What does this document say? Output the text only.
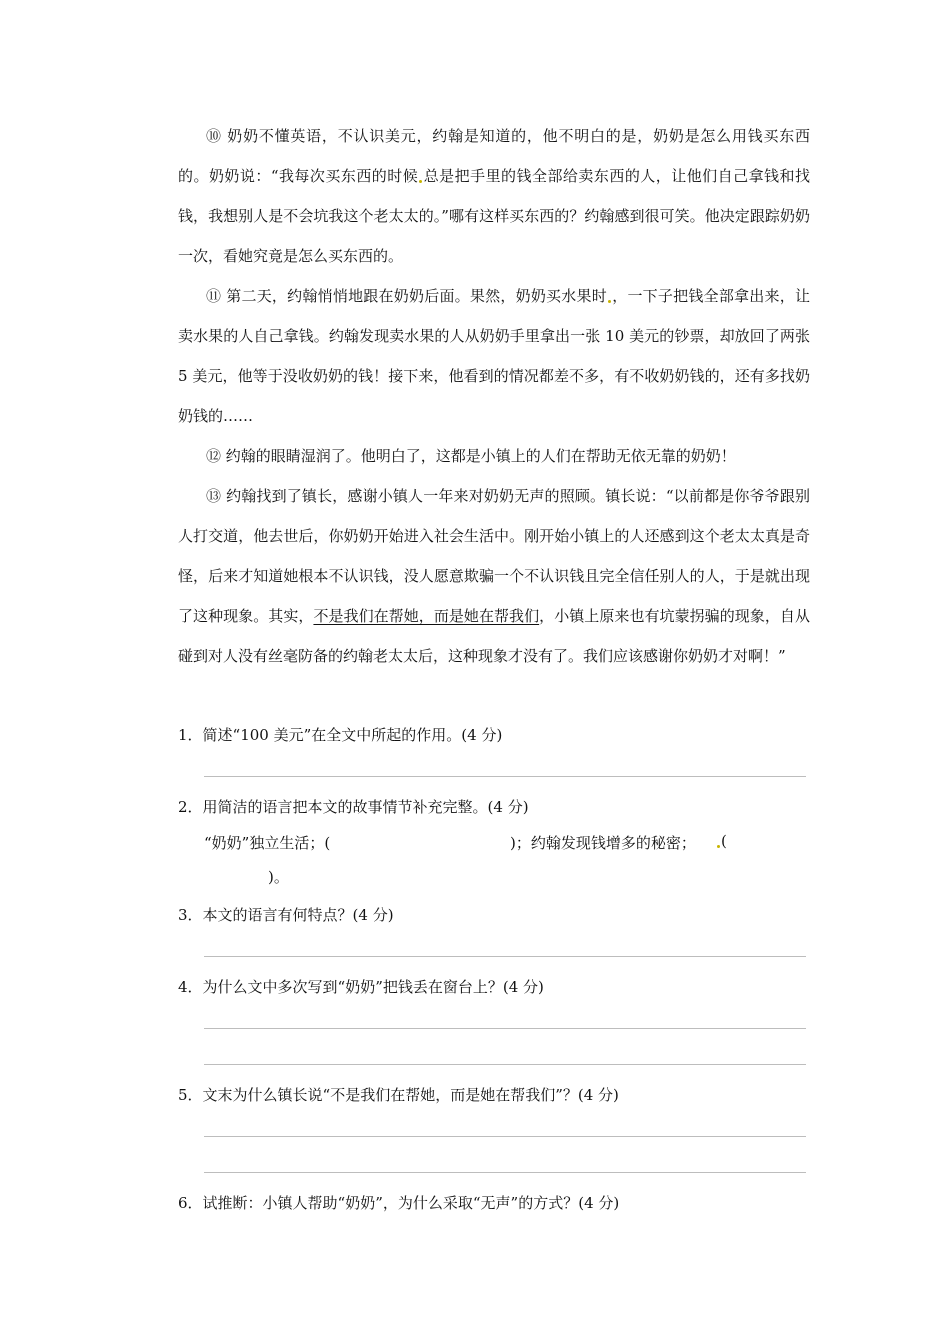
⑩ 奶奶不懂英语，不认识美元，约翰是知道的，他不明白的是，奶奶是怎么用钱买东西的。奶奶说：“我每次买东西的时候 总是把手里的钱全部给卖东西的人，让他们自己拿钱和找钱，我想别人是不会坑我这个老太太的。”哪有这样买东西的？约翰感到很可笑。他决定跟踪奶奶一次，看她究竟是怎么买东西的。

⑪ 第二天，约翰悄悄地跟在奶奶后面。果然，奶奶买水果时 ，一下子把钱全部拿出来，让卖水果的人自己拿钱。约翰发现卖水果的人从奶奶手里拿出一张 10 美元的钞票，却放回了两张 5 美元，他等于没收奶奶的钱！接下来，他看到的情况都差不多，有不收奶奶钱的，还有多找奶奶钱的……

⑫ 约翰的眼睛湿润了。他明白了，这都是小镇上的人们在帮助无依无靠的奶奶！

⑬ 约翰找到了镇长，感谢小镇人一年来对奶奶无声的照顾。镇长说：“以前都是你爷爷跟别人打交道，他去世后，你奶奶开始进入社会生活中。刚开始小镇上的人还感到这个老太太真是奇怪，后来才知道她根本不认识钱，没人愿意欺骗一个不认识钱且完全信任别人的人，于是就出现了这种现象。其实，不是我们在帮她，而是她在帮我们，小镇上原来也有坑蒙拐骗的现象，自从碰到对人没有丝毫防备的约翰老太太后，这种现象才没有了。我们应该感谢你奶奶才对啊！”

1．简述“100 美元”在全文中所起的作用。(4 分)
2．用简洁的语言把本文的故事情节补充完整。(4 分)
“奶奶”独立生活；(	)；约翰发现钱增多的秘密；	(
)。
3．本文的语言有何特点？(4 分)
4．为什么文中多次写到“奶奶”把钱丢在窗台上？(4 分)
5．文末为什么镇长说“不是我们在帮她，而是她在帮我们”？(4 分)
6．试推断：小镇人帮助“奶奶”，为什么采取“无声”的方式？(4 分)
